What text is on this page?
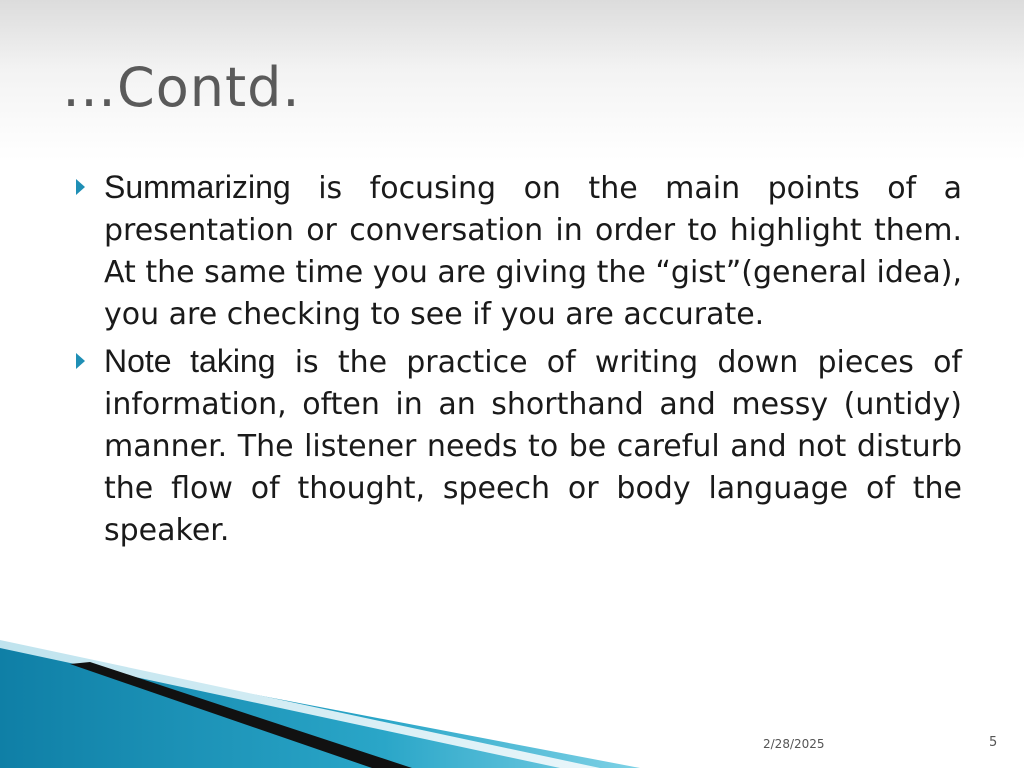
…Contd.
Summarizing is focusing on the main points of a presentation or conversation in order to highlight them. At the same time you are giving the “gist”(general idea), you are checking to see if you are accurate.
Note taking is the practice of writing down pieces of information, often in an shorthand and messy (untidy) manner. The listener needs to be careful and not disturb the flow of thought, speech or body language of the speaker.
2/28/2025	5
